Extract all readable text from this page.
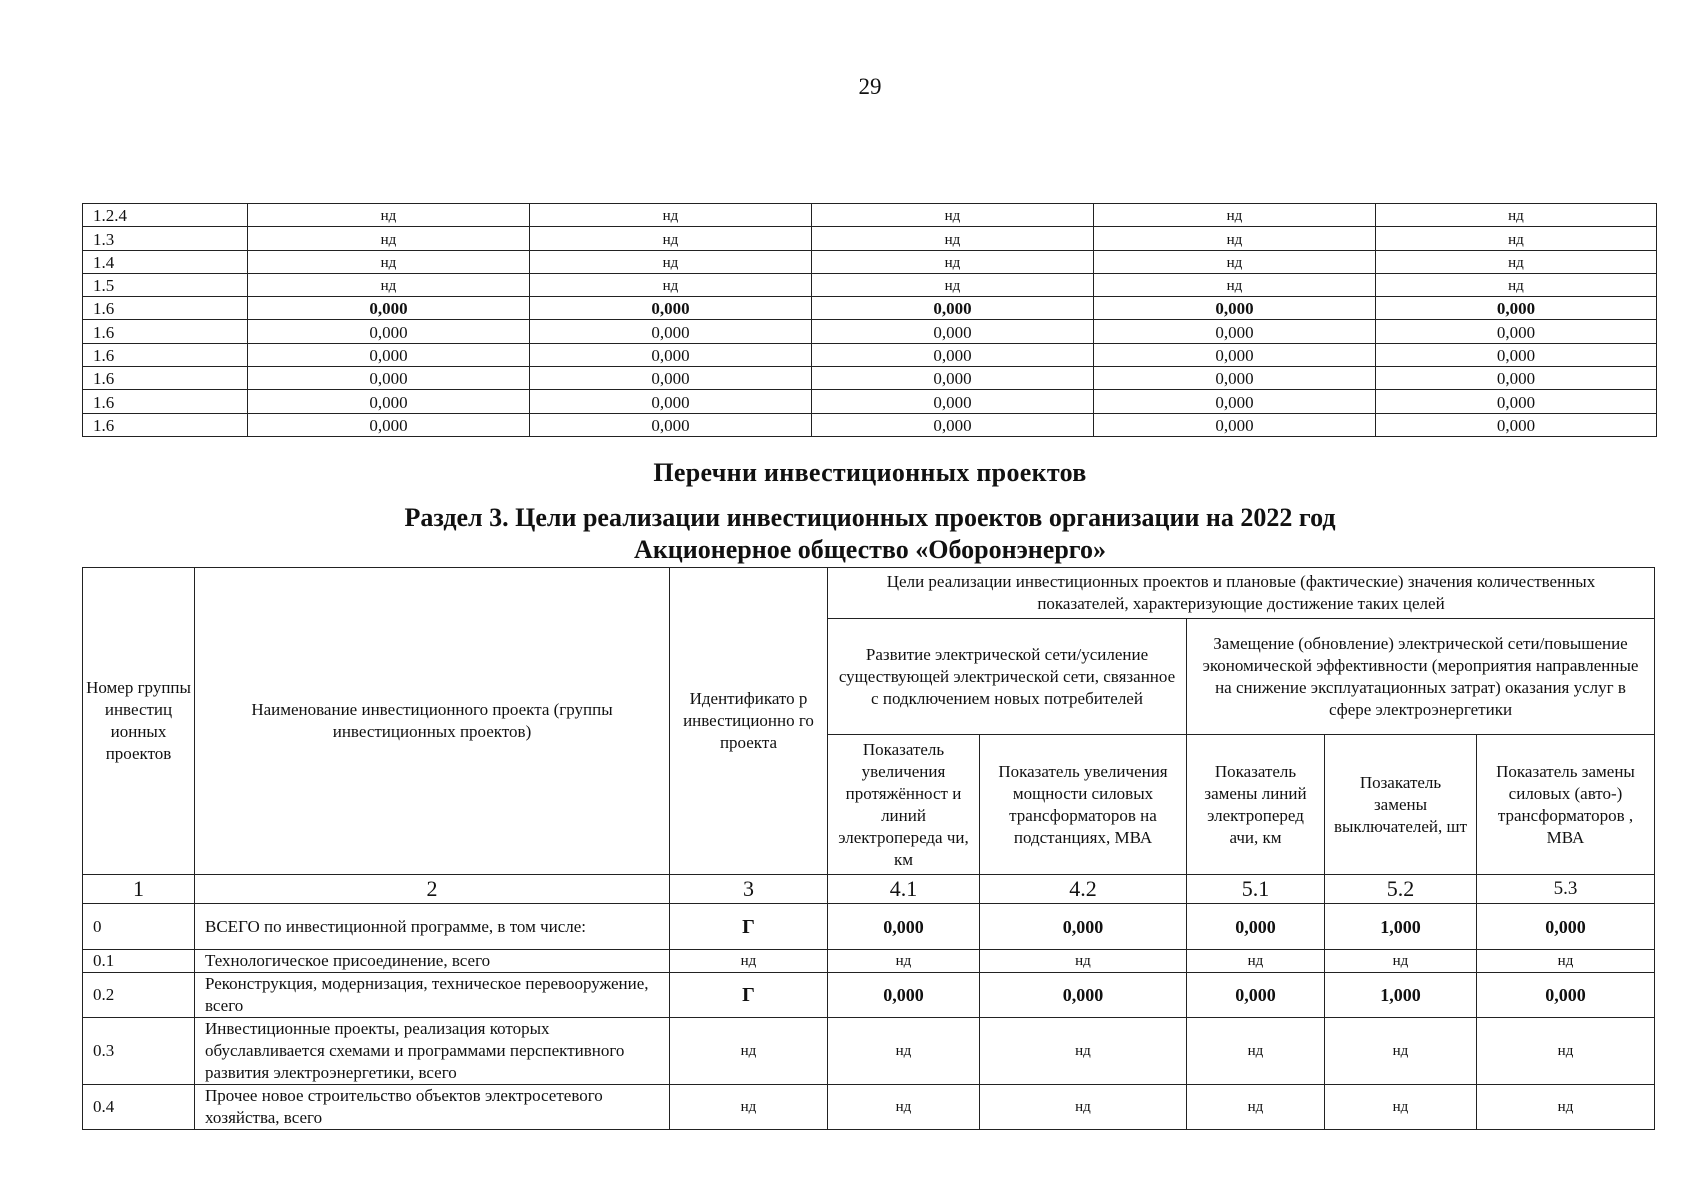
29
1.2.4	нд	нд	нд	нд	нд
1.3	нд	нд	нд	нд	нд
1.4	нд	нд	нд	нд	нд
1.5	нд	нд	нд	нд	нд
1.6	0,000	0,000	0,000	0,000	0,000
1.6	0,000	0,000	0,000	0,000	0,000
1.6	0,000	0,000	0,000	0,000	0,000
1.6	0,000	0,000	0,000	0,000	0,000
1.6	0,000	0,000	0,000	0,000	0,000
1.6	0,000	0,000	0,000	0,000	0,000
Перечни инвестиционных проектов
Раздел 3. Цели реализации инвестиционных проектов организации на 2022 год
Акционерное общество «Оборонэнерго»
Номер группы инвестиц ионных проектов	Наименование инвестиционного проекта (группы инвестиционных проектов)	Идентификато р инвестиционно го проекта	Цели реализации инвестиционных проектов и плановые (фактические) значения количественных показателей, характеризующие достижение таких целей				
			Развитие электрической сети/усиление существующей электрической сети, связанное с подключением новых потребителей		Замещение (обновление) электрической сети/повышение экономической эффективности (мероприятия направленные на снижение эксплуатационных затрат) оказания услуг в сфере электроэнергетики		
			Показатель увеличения протяжённост и линий электропереда чи, км	Показатель увеличения мощности силовых трансформаторов на подстанциях, МВА	Показатель замены линий электроперед ачи, км	Позакатель замены выключателей, шт	Показатель замены силовых (авто-) трансформаторов , МВА
1	2	3	4.1	4.2	5.1	5.2	5.3
0	ВСЕГО по инвестиционной программе, в том числе:	Г	0,000	0,000	0,000	1,000	0,000
0.1	Технологическое присоединение, всего	нд	нд	нд	нд	нд	нд
0.2	Реконструкция, модернизация, техническое перевооружение, всего	Г	0,000	0,000	0,000	1,000	0,000
0.3	Инвестиционные проекты, реализация которых обуславливается схемами и программами перспективного развития электроэнергетики, всего	нд	нд	нд	нд	нд	нд
0.4	Прочее новое строительство объектов электросетевого хозяйства, всего	нд	нд	нд	нд	нд	нд
